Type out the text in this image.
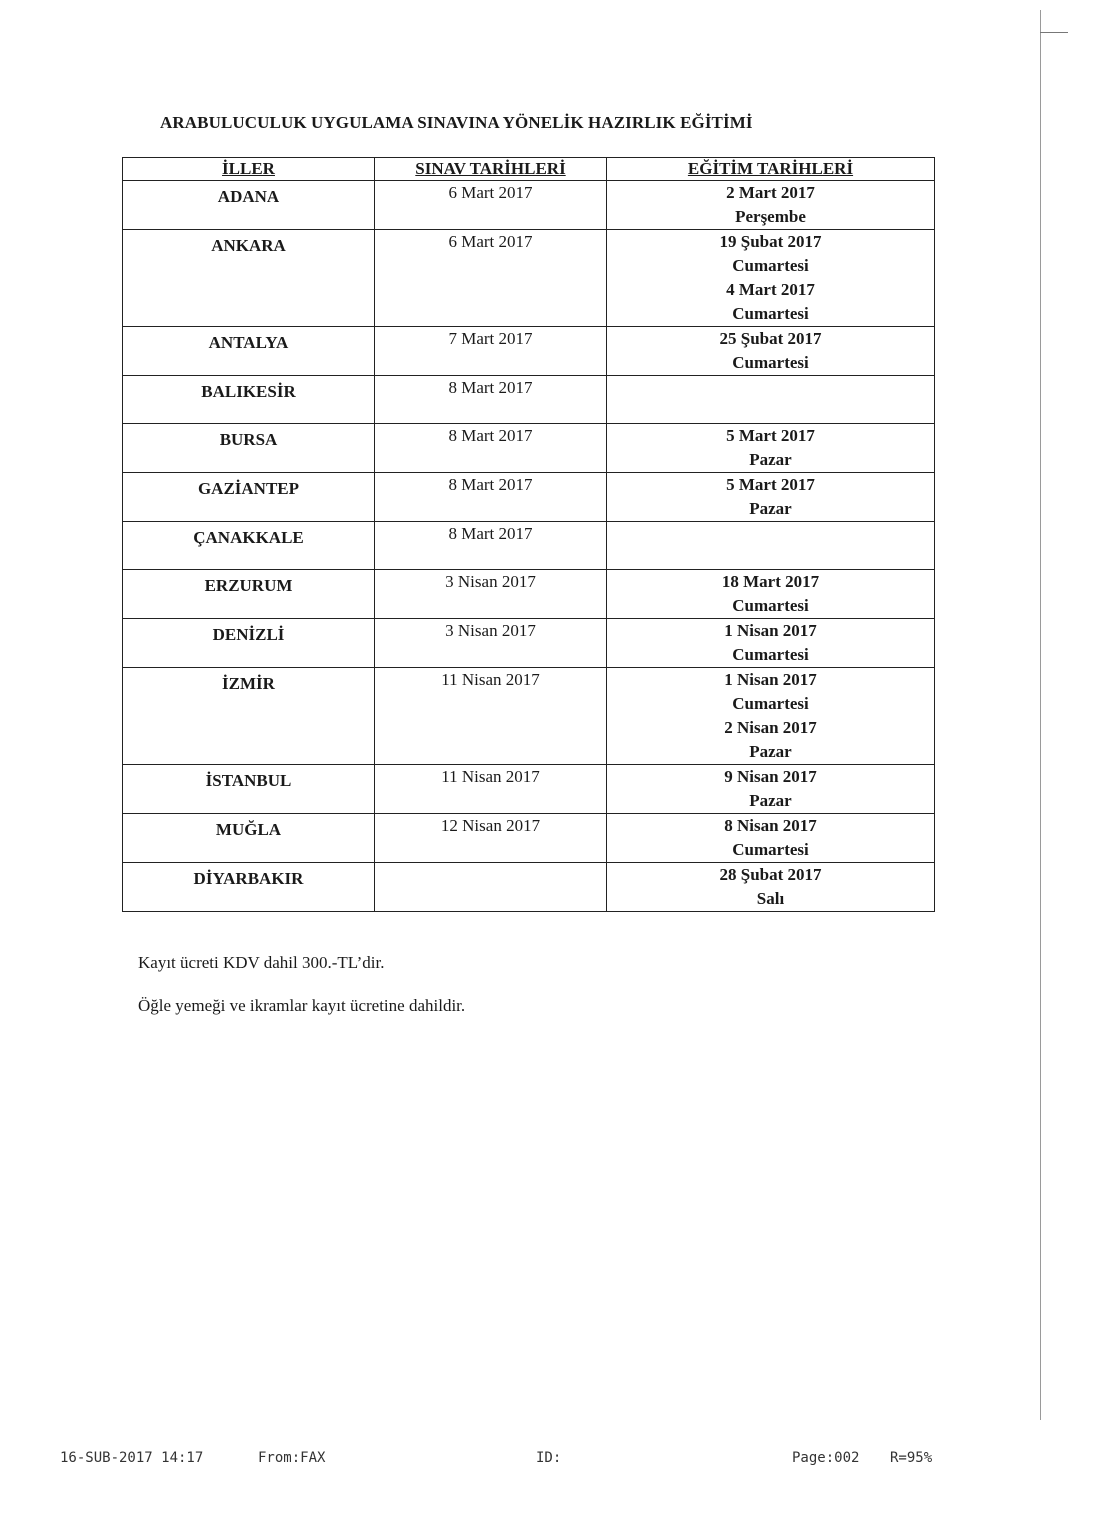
ARABULUCULUK UYGULAMA SINAVINA YÖNELİK HAZIRLIK EĞİTİMİ
İLLER	SINAV TARİHLERİ	EĞİTİM TARİHLERİ
ADANA	6 Mart 2017	2 Mart 2017
Perşembe

ANKARA	6 Mart 2017	19 Şubat 2017
Cumartesi
4 Mart 2017
Cumartesi

ANTALYA	7 Mart 2017	25 Şubat 2017
Cumartesi

BALIKESİR	8 Mart 2017	
BURSA	8 Mart 2017	5 Mart 2017
Pazar

GAZİANTEP	8 Mart 2017	5 Mart 2017
Pazar

ÇANAKKALE	8 Mart 2017	
ERZURUM	3 Nisan 2017	18 Mart 2017
Cumartesi

DENİZLİ	3 Nisan 2017	1 Nisan 2017
Cumartesi

İZMİR	11 Nisan 2017	1 Nisan 2017
Cumartesi
2 Nisan 2017
Pazar

İSTANBUL	11 Nisan 2017	9 Nisan 2017
Pazar

MUĞLA	12 Nisan 2017	8 Nisan 2017
Cumartesi

DİYARBAKIR		28 Şubat 2017
Salı
Kayıt ücreti KDV dahil 300.-TL’dir.
Öğle yemeği ve ikramlar kayıt ücretine dahildir.
16-SUB-2017 14:17	From:FAX	ID:	Page:002 R=95%
